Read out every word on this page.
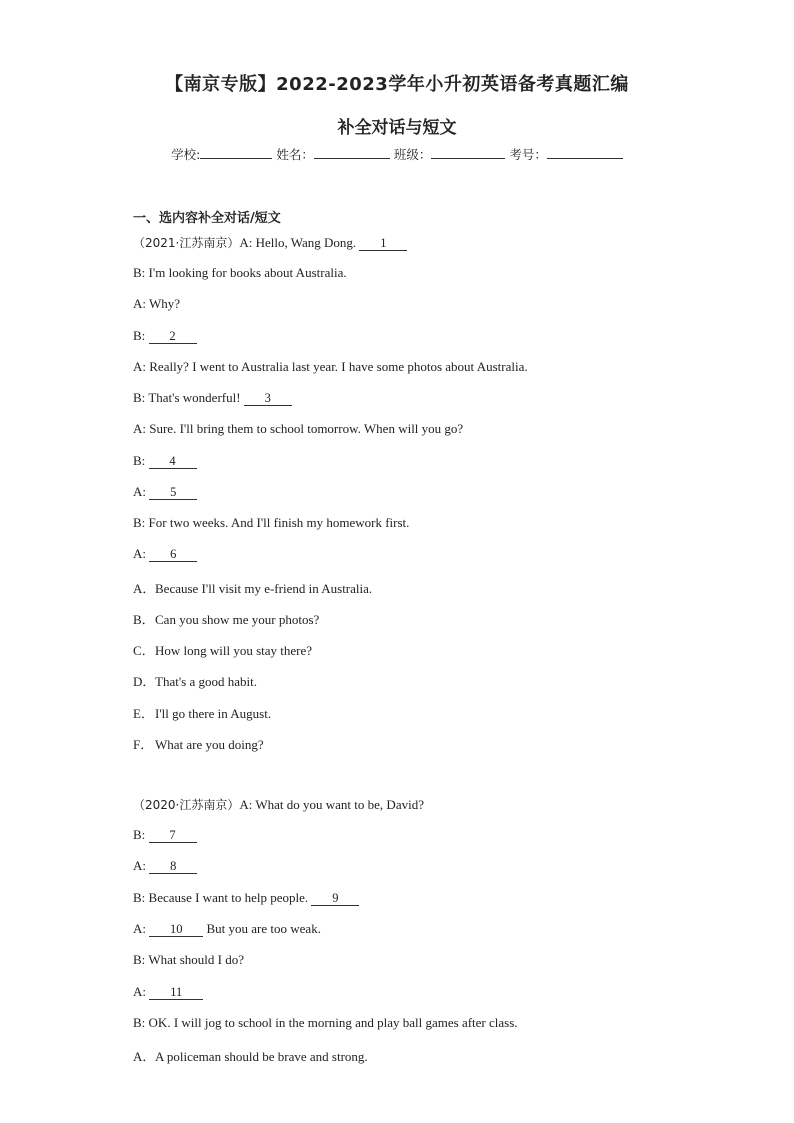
【南京专版】2022-2023学年小升初英语备考真题汇编
补全对话与短文
学校:	姓名：	班级：	考号：
一、选内容补全对话/短文
（2021·江苏南京）A: Hello, Wang Dong. 1
B: I'm looking for books about Australia.
A: Why?
B: 2
A: Really? I went to Australia last year. I have some photos about Australia.
B: That's wonderful! 3
A: Sure. I'll bring them to school tomorrow. When will you go?
B: 4
A: 5
B: For two weeks. And I'll finish my homework first.
A: 6
A．Because I'll visit my e-friend in Australia.
B．Can you show me your photos?
C．How long will you stay there?
D．That's a good habit.
E．I'll go there in August.
F． What are you doing?
（2020·江苏南京）A: What do you want to be, David?
B: 7
A: 8
B: Because I want to help people. 9
A: 10 But you are too weak.
B: What should I do?
A: 11
B: OK. I will jog to school in the morning and play ball games after class.
A．A policeman should be brave and strong.
